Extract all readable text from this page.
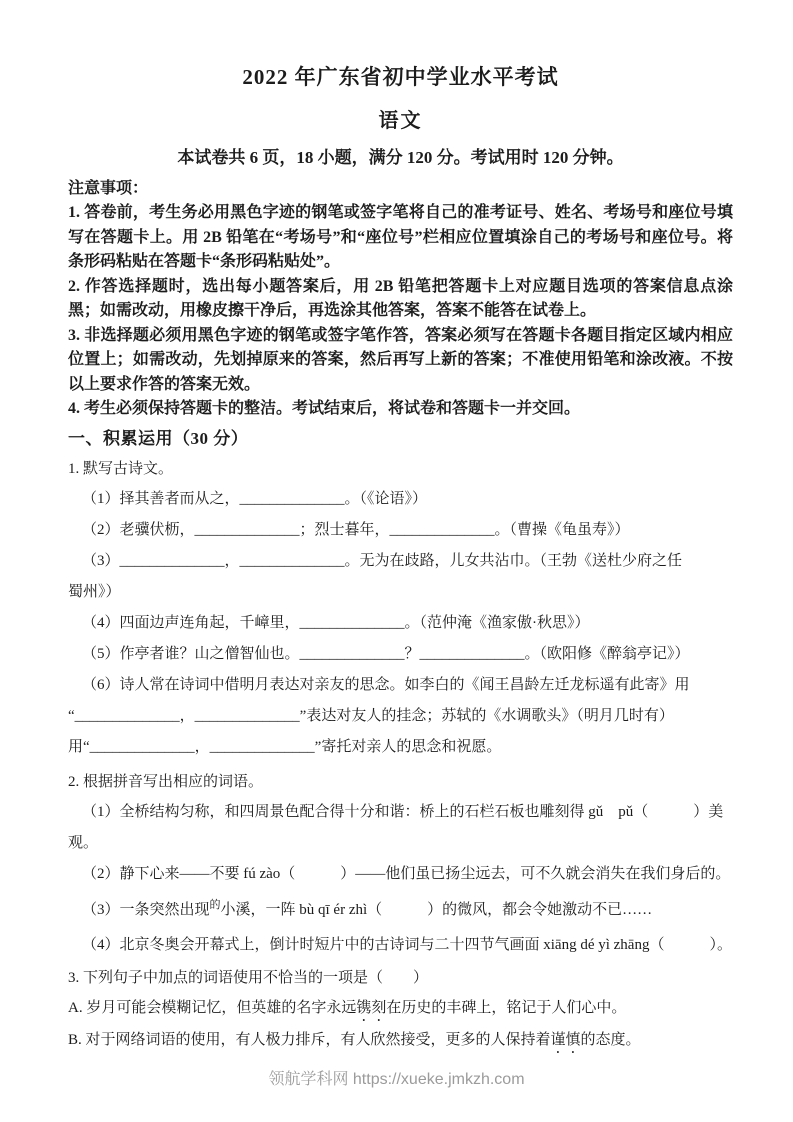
2022 年广东省初中学业水平考试
语文
本试卷共 6 页，18 小题，满分 120 分。考试用时 120 分钟。
注意事项：
1. 答卷前，考生务必用黑色字迹的钢笔或签字笔将自己的准考证号、姓名、考场号和座位号填写在答题卡上。用 2B 铅笔在“考场号”和“座位号”栏相应位置填涂自己的考场号和座位号。将条形码粘贴在答题卡“条形码粘贴处”。
2. 作答选择题时，选出每小题答案后，用 2B 铅笔把答题卡上对应题目选项的答案信息点涂黑；如需改动，用橡皮擦干净后，再选涂其他答案，答案不能答在试卷上。
3. 非选择题必须用黑色字迹的钢笔或签字笔作答，答案必须写在答题卡各题目指定区域内相应位置上；如需改动，先划掉原来的答案，然后再写上新的答案；不准使用铅笔和涂改液。不按以上要求作答的答案无效。
4. 考生必须保持答题卡的整洁。考试结束后，将试卷和答题卡一并交回。
一、积累运用（30 分）
1. 默写古诗文。
（1）择其善者而从之，______________。（《论语》）
（2）老骥伏枥，______________；烈士暮年，______________。（曹操《龟虽寿》）
（3）______________，______________。无为在歧路，儿女共沾巾。（王勃《送杜少府之任
蜀州》）
（4）四面边声连角起，千嶂里，______________。（范仲淹《渔家傲·秋思》）
（5）作亭者谁？山之僧智仙也。______________？______________。（欧阳修《醉翁亭记》）
（6）诗人常在诗词中借明月表达对亲友的思念。如李白的《闻王昌龄左迁龙标遥有此寄》用
“______________，______________”表达对友人的挂念；苏轼的《水调歌头》（明月几时有）
用“______________，______________”寄托对亲人的思念和祝愿。
2. 根据拼音写出相应的词语。
（1）全桥结构匀称，和四周景色配合得十分和谐：桥上的石栏石板也雕刻得 gǔ　pǔ（　　　）美观。
（2）静下心来——不要 fú zào（　　　）——他们虽已扬尘远去，可不久就会消失在我们身后的。
（3）一条突然出现$^的$小溪，一阵 bù qī ér zhì（　　　）的微风，都会令她激动不已……
（4）北京冬奥会开幕式上，倒计时短片中的古诗词与二十四节气画面 xiāng dé yì zhāng（　　　）。
3. 下列句子中加点的词语使用不恰当的一项是（　　）
A. 岁月可能会模糊记忆，但英雄的名字永远镌刻在历史的丰碑上，铭记于人们心中。
B. 对于网络词语的使用，有人极力排斥，有人欣然接受，更多的人保持着谨慎的态度。
领航学科网 https://xueke.jmkzh.com
